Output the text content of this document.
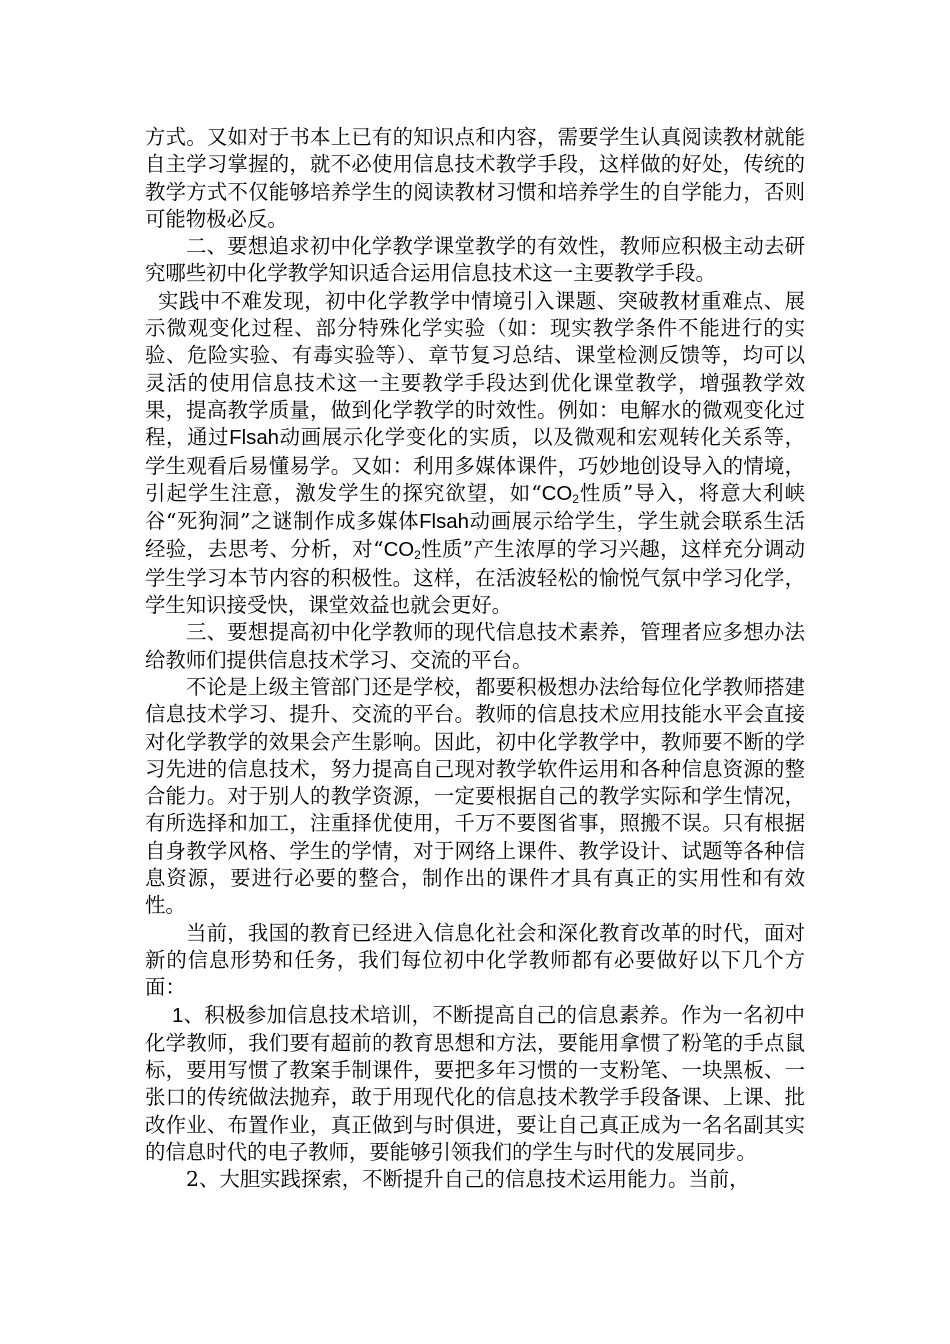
方式。又如对于书本上已有的知识点和内容，需要学生认真阅读教材就能自主学习掌握的，就不必使用信息技术教学手段，这样做的好处，传统的教学方式不仅能够培养学生的阅读教材习惯和培养学生的自学能力，否则可能物极必反。

二、要想追求初中化学教学课堂教学的有效性，教师应积极主动去研究哪些初中化学教学知识适合运用信息技术这一主要教学手段。

实践中不难发现，初中化学教学中情境引入课题、突破教材重难点、展示微观变化过程、部分特殊化学实验（如：现实教学条件不能进行的实验、危险实验、有毒实验等）、章节复习总结、课堂检测反馈等，均可以灵活的使用信息技术这一主要教学手段达到优化课堂教学，增强教学效果，提高教学质量，做到化学教学的时效性。例如：电解水的微观变化过程，通过Flsah动画展示化学变化的实质，以及微观和宏观转化关系等，学生观看后易懂易学。又如：利用多媒体课件，巧妙地创设导入的情境，引起学生注意，激发学生的探究欲望，如“$CO_2$性质”导入，将意大利峡谷“死狗洞”之谜制作成多媒体Flsah动画展示给学生，学生就会联系生活经验，去思考、分析，对“$CO_2$性质”产生浓厚的学习兴趣，这样充分调动学生学习本节内容的积极性。这样，在活波轻松的愉悦气氛中学习化学，学生知识接受快，课堂效益也就会更好。

三、要想提高初中化学教师的现代信息技术素养，管理者应多想办法给教师们提供信息技术学习、交流的平台。

不论是上级主管部门还是学校，都要积极想办法给每位化学教师搭建信息技术学习、提升、交流的平台。教师的信息技术应用技能水平会直接对化学教学的效果会产生影响。因此，初中化学教学中，教师要不断的学习先进的信息技术，努力提高自己现对教学软件运用和各种信息资源的整合能力。对于别人的教学资源，一定要根据自己的教学实际和学生情况，有所选择和加工，注重择优使用，千万不要图省事，照搬不误。只有根据自身教学风格、学生的学情，对于网络上课件、教学设计、试题等各种信息资源，要进行必要的整合，制作出的课件才具有真正的实用性和有效性。

当前，我国的教育已经进入信息化社会和深化教育改革的时代，面对新的信息形势和任务，我们每位初中化学教师都有必要做好以下几个方面：

1、积极参加信息技术培训，不断提高自己的信息素养。作为一名初中化学教师，我们要有超前的教育思想和方法，要能用拿惯了粉笔的手点鼠标，要用写惯了教案手制课件，要把多年习惯的一支粉笔、一块黑板、一张口的传统做法抛弃，敢于用现代化的信息技术教学手段备课、上课、批改作业、布置作业，真正做到与时俱进，要让自己真正成为一名名副其实的信息时代的电子教师，要能够引领我们的学生与时代的发展同步。

2、大胆实践探索，不断提升自己的信息技术运用能力。当前，
